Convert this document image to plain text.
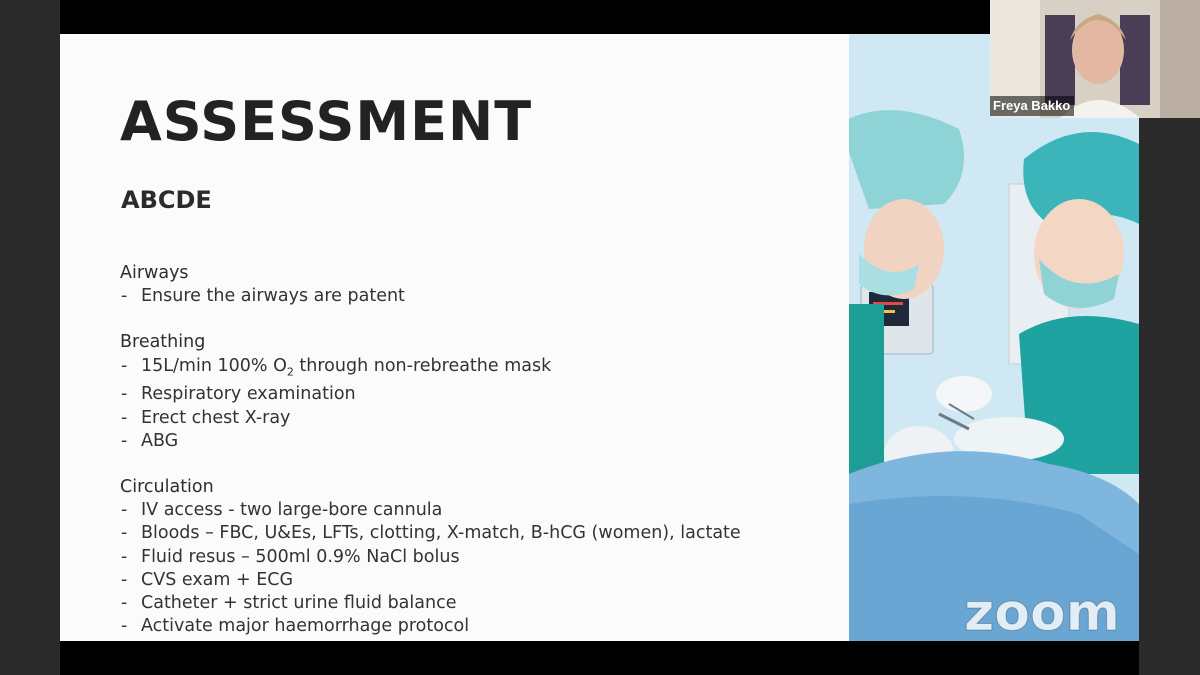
ASSESSMENT
ABCDE
Airways
- Ensure the airways are patent
Breathing
- 15L/min 100% $O_2$ through non-rebreathe mask
- Respiratory examination
- Erect chest X-ray
- ABG
Circulation
- IV access - two large-bore cannula
- Bloods – FBC, U&Es, LFTs, clotting, X-match, B-hCG (women), lactate
- Fluid resus – 500ml 0.9% NaCl bolus
- CVS exam + ECG
- Catheter + strict urine fluid balance
- Activate major haemorrhage protocol
Freya Bakko
zoom
